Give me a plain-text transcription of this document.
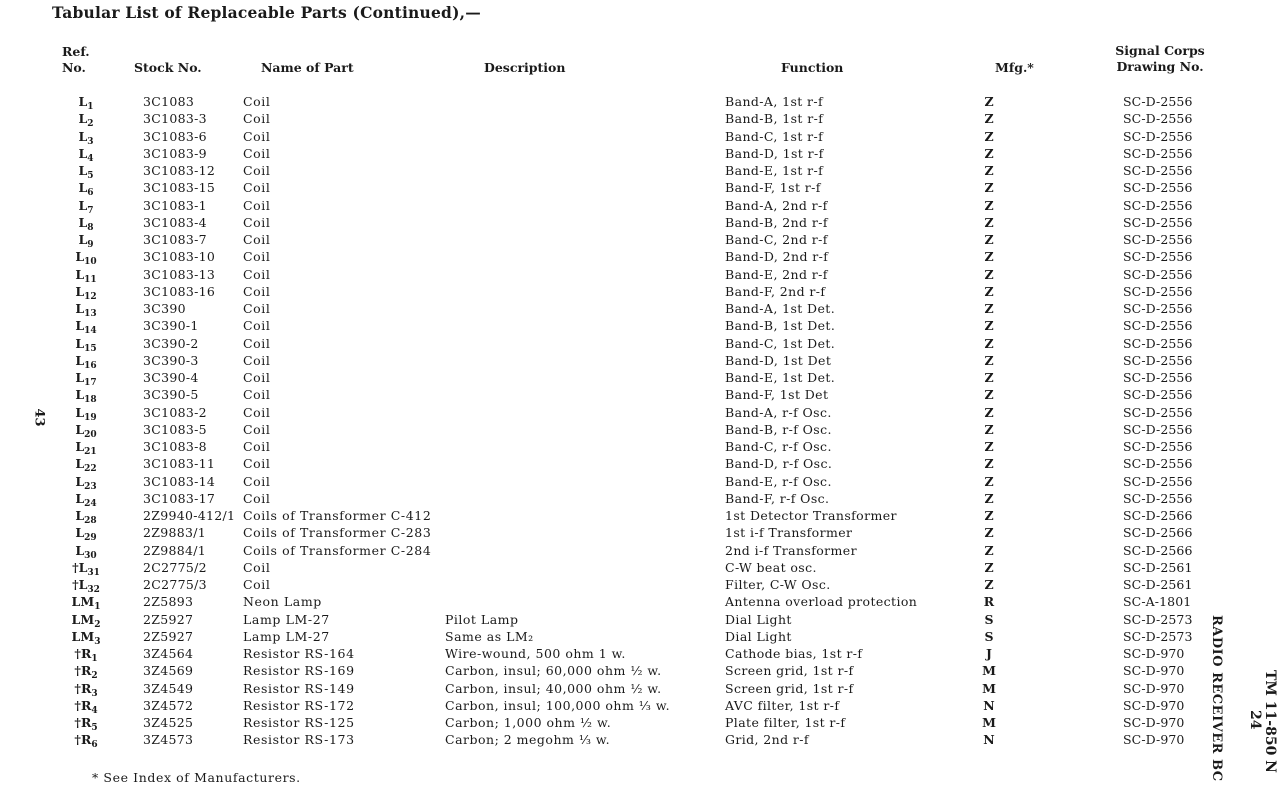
Tabular List of Replaceable Parts (Continued),—
Ref.
No.	Stock No.	Name of Part	Description	Function	Mfg.*
Signal Corps
Drawing No.
$L_1$	3C1083	Coil	Band-A, 1st r-f	Z	SC-D-2556
$L_2$	3C1083-3	Coil	Band-B, 1st r-f	Z	SC-D-2556
$L_3$	3C1083-6	Coil	Band-C, 1st r-f	Z	SC-D-2556
$L_4$	3C1083-9	Coil	Band-D, 1st r-f	Z	SC-D-2556
$L_5$	3C1083-12 Coil	Band-E, 1st r-f	Z	SC-D-2556
$L_6$	3C1083-15 Coil	Band-F, 1st r-f	Z	SC-D-2556
$L_7$	3C1083-1	Coil	Band-A, 2nd r-f	Z	SC-D-2556
$L_8$	3C1083-4	Coil	Band-B, 2nd r-f	Z	SC-D-2556
$L_9$	3C1083-7	Coil	Band-C, 2nd r-f	Z	SC-D-2556
$L_{10}$	3C1083-10 Coil	Band-D, 2nd r-f	Z	SC-D-2556
$L_{11}$	3C1083-13 Coil	Band-E, 2nd r-f	Z	SC-D-2556
$L_{12}$	3C1083-16 Coil	Band-F, 2nd r-f	Z	SC-D-2556
$L_{13}$	3C390	Coil	Band-A, 1st Det.	Z	SC-D-2556
$L_{14}$	3C390-1	Coil	Band-B, 1st Det.	Z	SC-D-2556
$L_{15}$	3C390-2	Coil	Band-C, 1st Det.	Z	SC-D-2556
$L_{16}$	3C390-3	Coil	Band-D, 1st Det	Z	SC-D-2556
$L_{17}$	3C390-4	Coil	Band-E, 1st Det.	Z	SC-D-2556
$L_{18}$	3C390-5	Coil	Band-F, 1st Det	Z	SC-D-2556
$L_{19}$	3C1083-2	Coil	Band-A, r-f Osc.	Z	SC-D-2556
$L_{20}$	3C1083-5	Coil	Band-B, r-f Osc.	Z	SC-D-2556
$L_{21}$	3C1083-8	Coil	Band-C, r-f Osc.	Z	SC-D-2556
$L_{22}$	3C1083-11 Coil	Band-D, r-f Osc.	Z	SC-D-2556
$L_{23}$	3C1083-14 Coil	Band-E, r-f Osc.	Z	SC-D-2556
$L_{24}$	3C1083-17 Coil	Band-F, r-f Osc.	Z	SC-D-2556
$L_{28}$	2Z9940-412/1 Coils of Transformer C-412	1st Detector Transformer	Z	SC-D-2566
$L_{29}$	2Z9883/1	Coils of Transformer C-283	1st i-f Transformer	Z	SC-D-2566
$L_{30}$	2Z9884/1	Coils of Transformer C-284	2nd i-f Transformer	Z	SC-D-2566
$\dagger L_{31}$	2C2775/2	Coil	C-W beat osc.	Z	SC-D-2561
$\dagger L_{32}$	2C2775/3	Coil	Filter, C-W Osc.	Z	SC-D-2561
$LM_1$	2Z5893	Neon Lamp	Antenna overload protection	R	SC-A-1801
$LM_2$	2Z5927	Lamp LM-27	Pilot Lamp	Dial Light	S	SC-D-2573
$LM_3$	2Z5927	Lamp LM-27	Same as LM₂	Dial Light	S	SC-D-2573
$\dagger R_1$	3Z4564	Resistor RS-164	Wire-wound, 500 ohm 1 w.	Cathode bias, 1st r-f	J	SC-D-970
$\dagger R_2$	3Z4569	Resistor RS-169	Carbon, insul; 60,000 ohm ½ w.	Screen grid, 1st r-f	M	SC-D-970
$\dagger R_3$	3Z4549	Resistor RS-149	Carbon, insul; 40,000 ohm ½ w.	Screen grid, 1st r-f	M	SC-D-970
$\dagger R_4$	3Z4572	Resistor RS-172	Carbon, insul; 100,000 ohm ⅓ w.	AVC filter, 1st r-f	N	SC-D-970
$\dagger R_5$	3Z4525	Resistor RS-125	Carbon; 1,000 ohm ½ w.	Plate filter, 1st r-f	M	SC-D-970
$\dagger R_6$	3Z4573	Resistor RS-173	Carbon; 2 megohm ⅓ w.	Grid, 2nd r-f	N	SC-D-970
* See Index of Manufacturers.
43
TM 11-850 N
24
RADIO RECEIVER BC
